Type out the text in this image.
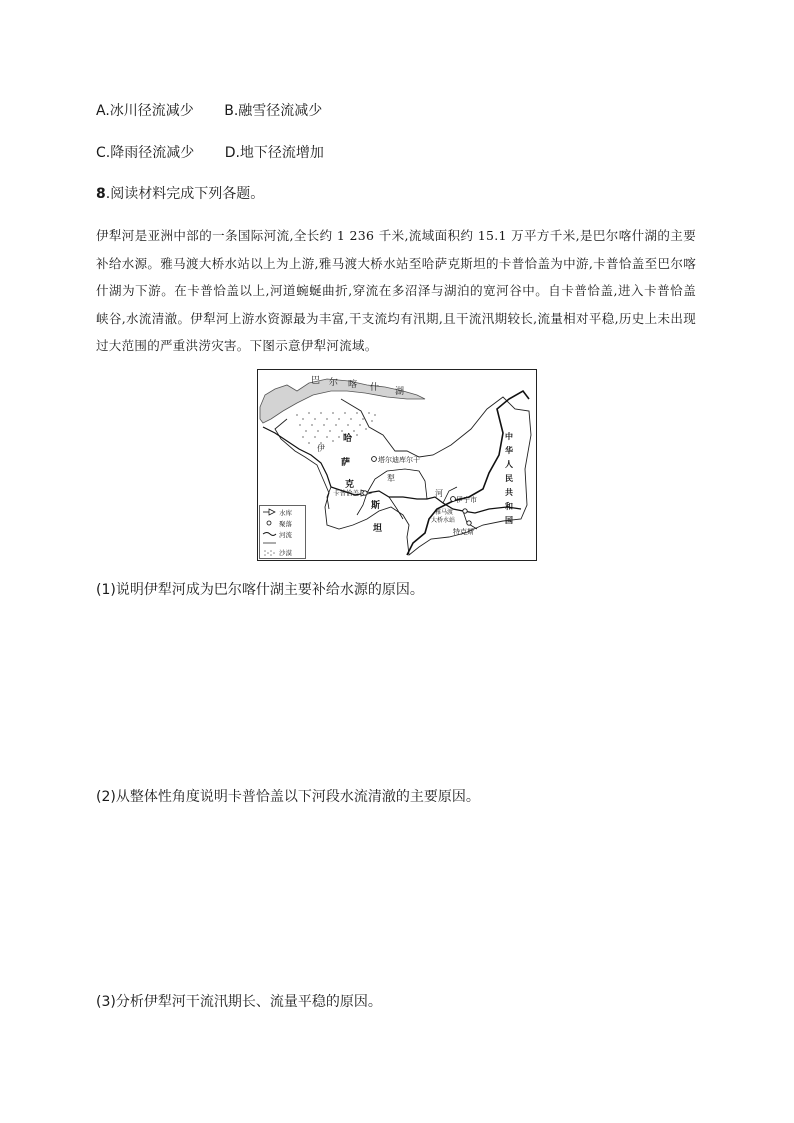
A.冰川径流减少 B.融雪径流减少
C.降雨径流减少 D.地下径流增加
8.阅读材料完成下列各题。
伊犁河是亚洲中部的一条国际河流,全长约 1 236 千米,流域面积约 15.1 万平方千米,是巴尔喀什湖的主要补给水源。雅马渡大桥水站以上为上游,雅马渡大桥水站至哈萨克斯坦的卡普恰盖为中游,卡普恰盖至巴尔喀什湖为下游。在卡普恰盖以上,河道蜿蜒曲折,穿流在多沼泽与湖泊的宽河谷中。自卡普恰盖,进入卡普恰盖峡谷,水流清澈。伊犁河上游水资源最为丰富,干支流均有汛期,且干流汛期较长,流量相对平稳,历史上未出现过大范围的严重洪涝灾害。下图示意伊犁河流域。
巴 尔 喀 什 湖
哈
萨
克
斯
坦
中
华
人
民
共
和
国
伊
犁
河
塔尔迪库尔干
卡普恰盖
伊宁市
雅马渡
大桥水站
特克斯
水库
聚落
河流
沙漠
(1)说明伊犁河成为巴尔喀什湖主要补给水源的原因。
(2)从整体性角度说明卡普恰盖以下河段水流清澈的主要原因。
(3)分析伊犁河干流汛期长、流量平稳的原因。
